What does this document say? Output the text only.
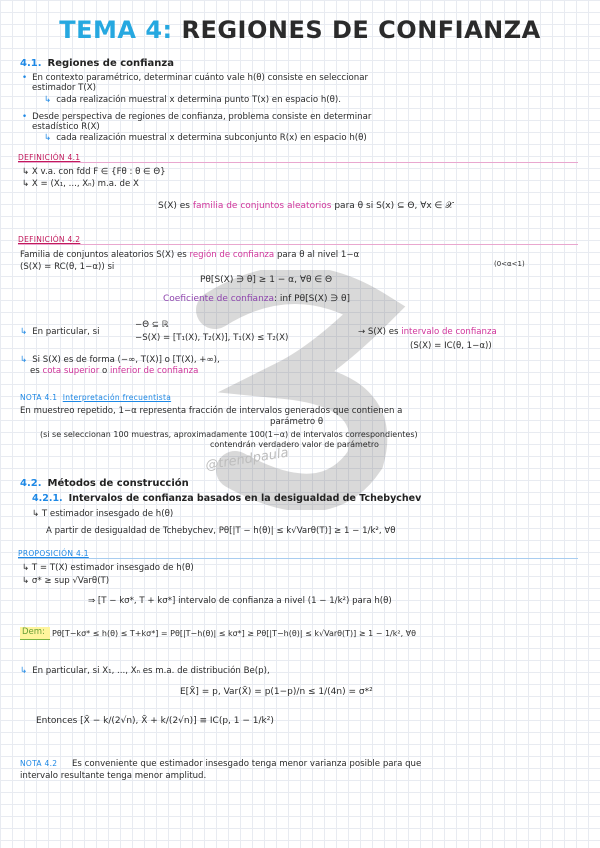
@trendpaula
TEMA 4: REGIONES DE CONFIANZA
4.1. Regiones de confianza
• En contexto paramétrico, determinar cuánto vale h(θ) consiste en seleccionar
estimador T(X)
↳ cada realización muestral x determina punto T(x) en espacio h(θ).
• Desde perspectiva de regiones de confianza, problema consiste en determinar
estadístico R(X)
↳ cada realización muestral x determina subconjunto R(x) en espacio h(θ)
DEFINICIÓN 4.1
↳ X v.a. con fdd F ∈ {Fθ : θ ∈ Θ}
↳ X = (X₁, ..., Xₙ) m.a. de X
S(X) es familia de conjuntos aleatorios para θ si S(x) ⊆ Θ, ∀x ∈ 𝒳
DEFINICIÓN 4.2
Familia de conjuntos aleatorios S(X) es región de confianza para θ al nivel 1−α
(0<α<1)
(S(X) = RC(θ, 1−α)) si
Pθ[S(X) ∋ θ] ≥ 1 − α, ∀θ ∈ Θ
Coeficiente de confianza: inf Pθ[S(X) ∋ θ]
↳ En particular, si
−Θ ⊆ ℝ
−S(X) = [T₁(X), T₂(X)], T₁(X) ≤ T₂(X)
→ S(X) es intervalo de confianza
(S(X) = IC(θ, 1−α))
↳ Si S(X) es de forma (−∞, T(X)] o [T(X), +∞),
es cota superior o inferior de confianza
NOTA 4.1 Interpretación frecuentista
En muestreo repetido, 1−α representa fracción de intervalos generados que contienen a
parámetro θ
(si se seleccionan 100 muestras, aproximadamente 100(1−α) de intervalos correspondientes)
contendrán verdadero valor de parámetro
4.2. Métodos de construcción
4.2.1. Intervalos de confianza basados en la desigualdad de Tchebychev
↳ T estimador insesgado de h(θ)
A partir de desigualdad de Tchebychev, Pθ[|T − h(θ)| ≤ k√Varθ(T)] ≥ 1 − 1/k², ∀θ
PROPOSICIÓN 4.1
↳ T = T(X) estimador insesgado de h(θ)
↳ σ* ≥ sup √Varθ(T)
⇒ [T − kσ*, T + kσ*] intervalo de confianza a nivel (1 − 1/k²) para h(θ)
Dem: Pθ[T−kσ* ≤ h(θ) ≤ T+kσ*] = Pθ[|T−h(θ)| ≤ kσ*] ≥ Pθ[|T−h(θ)| ≤ k√Varθ(T)] ≥ 1 − 1/k², ∀θ
↳ En particular, si X₁, ..., Xₙ es m.a. de distribución Be(p),
E[X̄] = p, Var(X̄) = p(1−p)/n ≤ 1/(4n) = σ*²
Entonces [X̄ − k/(2√n), X̄ + k/(2√n)] ≡ IC(p, 1 − 1/k²)
NOTA 4.2 Es conveniente que estimador insesgado tenga menor varianza posible para que
intervalo resultante tenga menor amplitud.
